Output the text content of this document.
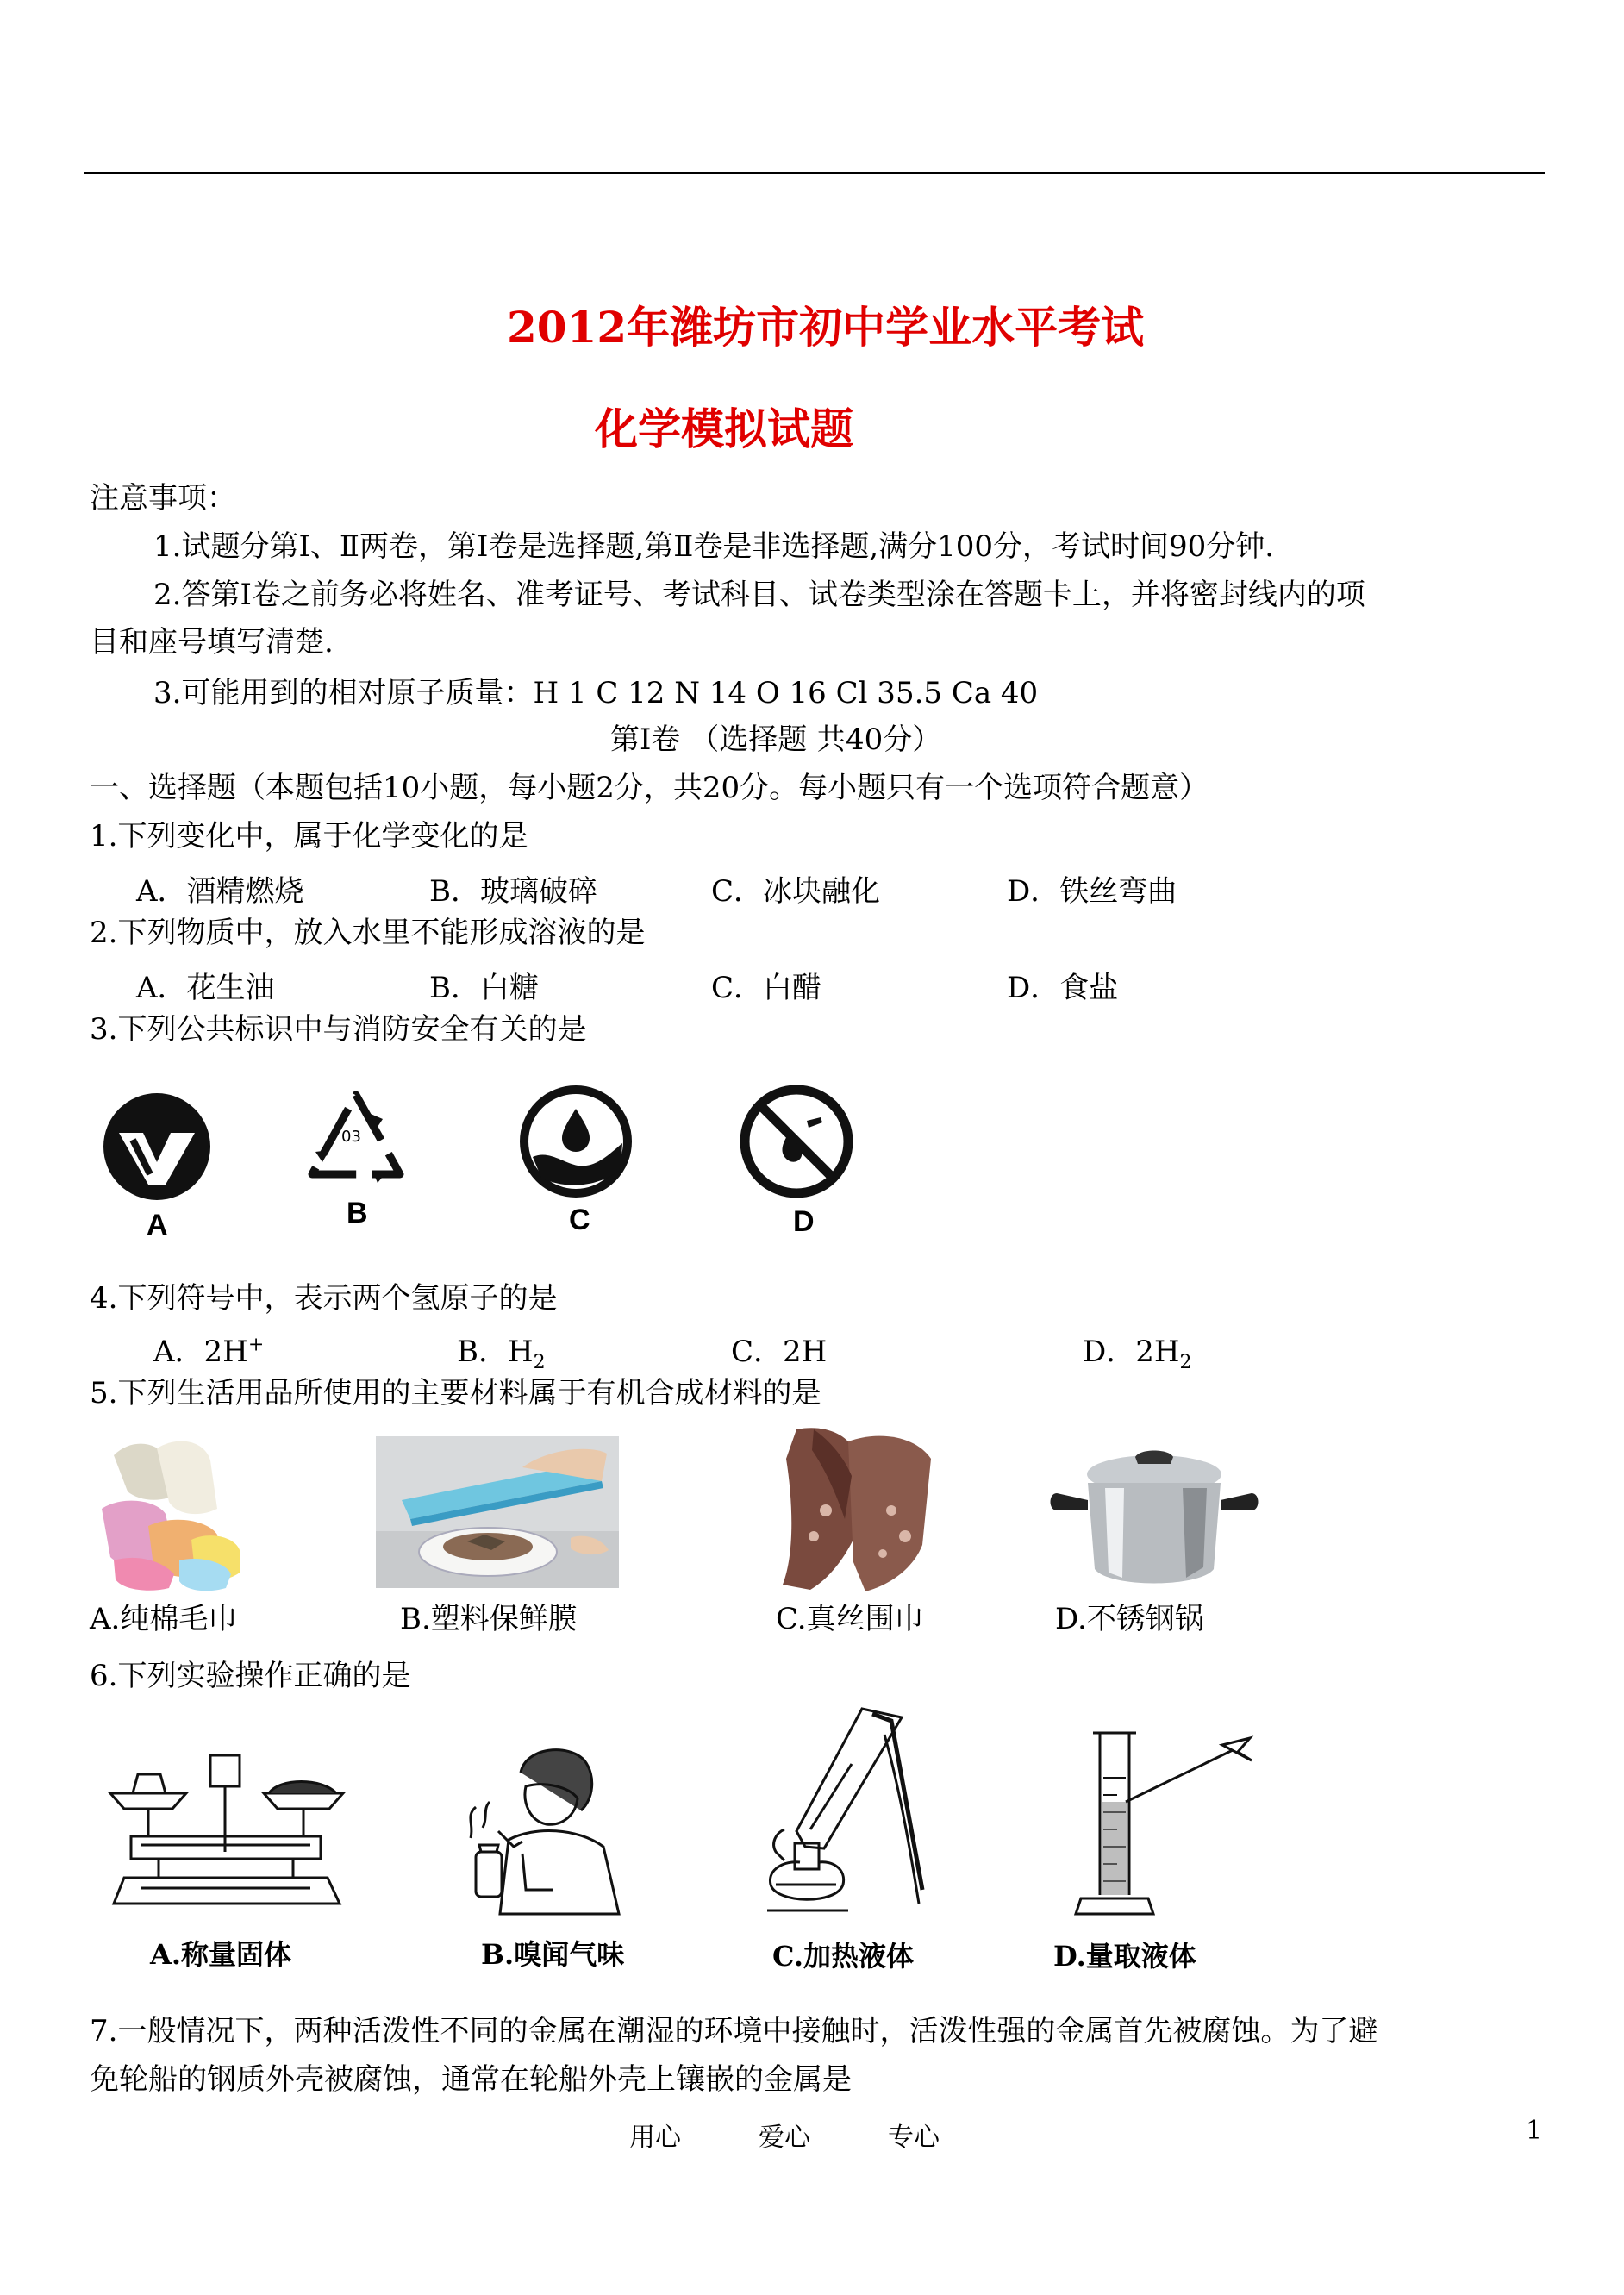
2012年潍坊市初中学业水平考试
化学模拟试题
注意事项：
1.试题分第Ⅰ、Ⅱ两卷，第Ⅰ卷是选择题,第Ⅱ卷是非选择题,满分100分，考试时间90分钟.
2.答第Ⅰ卷之前务必将姓名、准考证号、考试科目、试卷类型涂在答题卡上，并将密封线内的项
目和座号填写清楚.
3.可能用到的相对原子质量：H 1 C 12 N 14 O 16 Cl 35.5 Ca 40
第Ⅰ卷 （选择题 共40分）
一、选择题（本题包括10小题，每小题2分，共20分。每小题只有一个选项符合题意）
1.下列变化中，属于化学变化的是
A．酒精燃烧	B．玻璃破碎	C．冰块融化	D．铁丝弯曲
2.下列物质中，放入水里不能形成溶液的是
A．花生油	B．白糖	C．白醋	D．食盐
3.下列公共标识中与消防安全有关的是
03
A	B	C	D
4.下列符号中，表示两个氢原子的是
A．2H+	B．$H_2$	C．2H	D．$2H_2$
5.下列生活用品所使用的主要材料属于有机合成材料的是
A.纯棉毛巾	B.塑料保鲜膜	C.真丝围巾	D.不锈钢锅
6.下列实验操作正确的是
A.称量固体	B.嗅闻气味	C.加热液体	D.量取液体
7.一般情况下，两种活泼性不同的金属在潮湿的环境中接触时，活泼性强的金属首先被腐蚀。为了避
免轮船的钢质外壳被腐蚀，通常在轮船外壳上镶嵌的金属是
用心	爱心	专心	1
